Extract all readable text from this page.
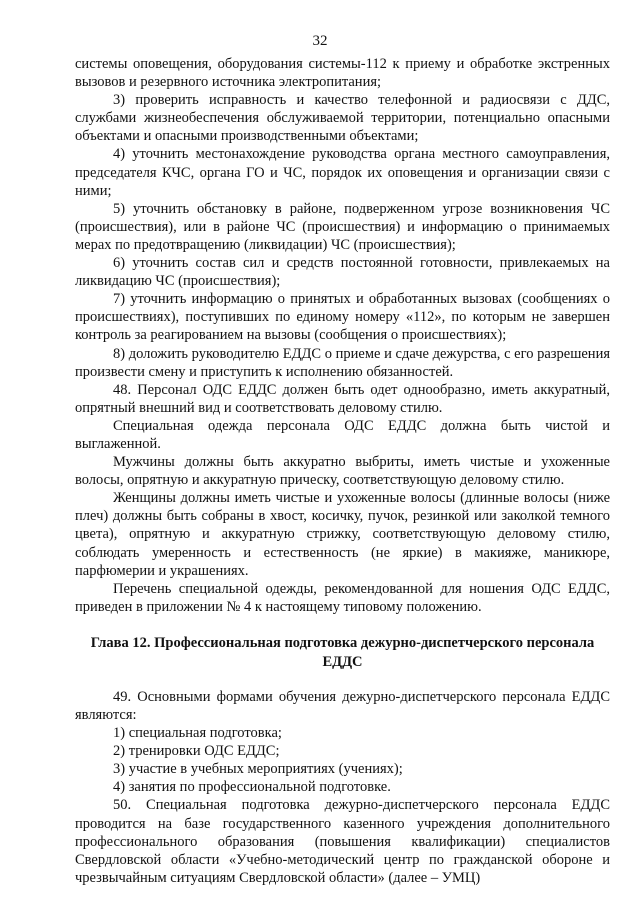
32

системы оповещения, оборудования системы-112 к приему и обработке экстренных вызовов и резервного источника электропитания;

3) проверить исправность и качество телефонной и радиосвязи с ДДС, службами жизнеобеспечения обслуживаемой территории, потенциально опасными объектами и опасными производственными объектами;

4) уточнить местонахождение руководства органа местного самоуправления, председателя КЧС, органа ГО и ЧС, порядок их оповещения и организации связи с ними;

5) уточнить обстановку в районе, подверженном угрозе возникновения ЧС (происшествия), или в районе ЧС (происшествия) и информацию о принимаемых мерах по предотвращению (ликвидации) ЧС (происшествия);

6) уточнить состав сил и средств постоянной готовности, привлекаемых на ликвидацию ЧС (происшествия);

7) уточнить информацию о принятых и обработанных вызовах (сообщениях о происшествиях), поступивших по единому номеру «112», по которым не завершен контроль за реагированием на вызовы (сообщения о происшествиях);

8) доложить руководителю ЕДДС о приеме и сдаче дежурства, с его разрешения произвести смену и приступить к исполнению обязанностей.

48. Персонал ОДС ЕДДС должен быть одет однообразно, иметь аккуратный, опрятный внешний вид и соответствовать деловому стилю.

Специальная одежда персонала ОДС ЕДДС должна быть чистой и выглаженной.

Мужчины должны быть аккуратно выбриты, иметь чистые и ухоженные волосы, опрятную и аккуратную прическу, соответствующую деловому стилю.

Женщины должны иметь чистые и ухоженные волосы (длинные волосы (ниже плеч) должны быть собраны в хвост, косичку, пучок, резинкой или заколкой темного цвета), опрятную и аккуратную стрижку, соответствующую деловому стилю, соблюдать умеренность и естественность (не яркие) в макияже, маникюре, парфюмерии и украшениях.

Перечень специальной одежды, рекомендованной для ношения ОДС ЕДДС, приведен в приложении № 4 к настоящему типовому положению.

Глава 12. Профессиональная подготовка дежурно-диспетчерского персонала ЕДДС

49. Основными формами обучения дежурно-диспетчерского персонала ЕДДС являются:

1) специальная подготовка;

2) тренировки ОДС ЕДДС;

3) участие в учебных мероприятиях (учениях);

4) занятия по профессиональной подготовке.

50. Специальная подготовка дежурно-диспетчерского персонала ЕДДС проводится на базе государственного казенного учреждения дополнительного профессионального образования (повышения квалификации) специалистов Свердловской области «Учебно-методический центр по гражданской обороне и чрезвычайным ситуациям Свердловской области» (далее – УМЦ)
